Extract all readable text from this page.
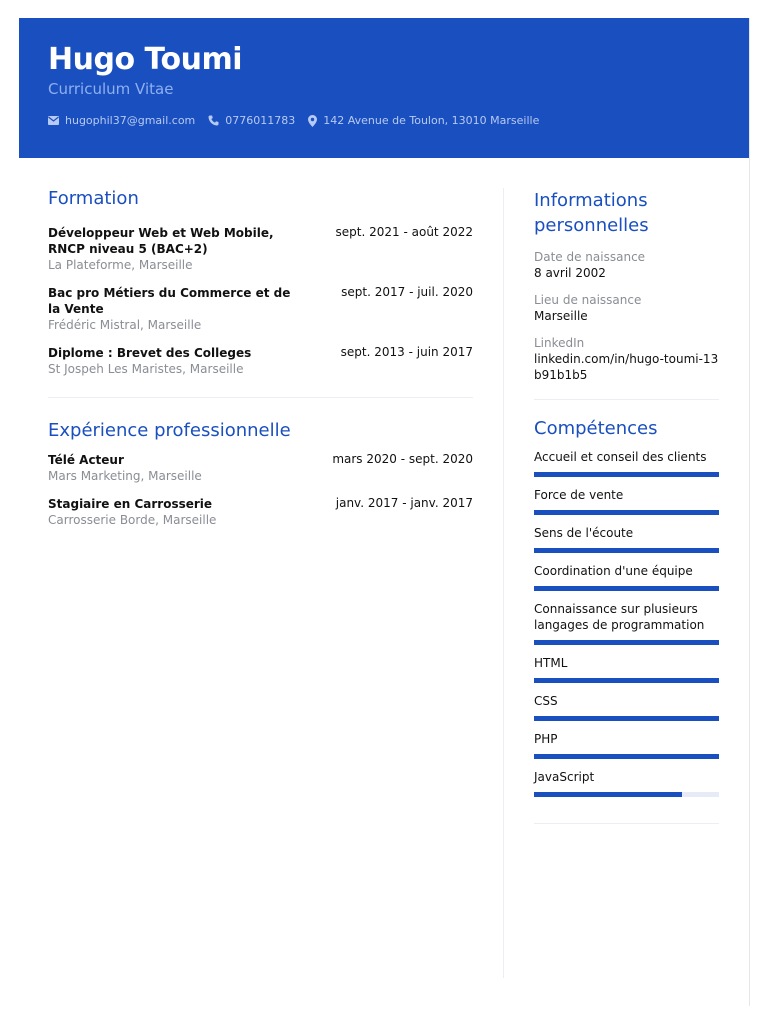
Hugo Toumi
Curriculum Vitae
hugophil37@gmail.com	0776011783	142 Avenue de Toulon, 13010 Marseille
Formation
Développeur Web et Web Mobile, RNCP niveau 5 (BAC+2)
sept. 2021 - août 2022
La Plateforme, Marseille
Bac pro Métiers du Commerce et de la Vente
sept. 2017 - juil. 2020
Frédéric Mistral, Marseille
Diplome : Brevet des Colleges	sept. 2013 - juin 2017
St Jospeh Les Maristes, Marseille
Expérience professionnelle
Télé Acteur	mars 2020 - sept. 2020
Mars Marketing, Marseille
Stagiaire en Carrosserie	janv. 2017 - janv. 2017
Carrosserie Borde, Marseille
Informations personnelles
Date de naissance
8 avril 2002
Lieu de naissance
Marseille
LinkedIn
linkedin.com/in/hugo-toumi-13b91b1b5
Compétences
Accueil et conseil des clients
Force de vente
Sens de l'écoute
Coordination d'une équipe
Connaissance sur plusieurs langages de programmation
HTML
CSS
PHP
JavaScript
